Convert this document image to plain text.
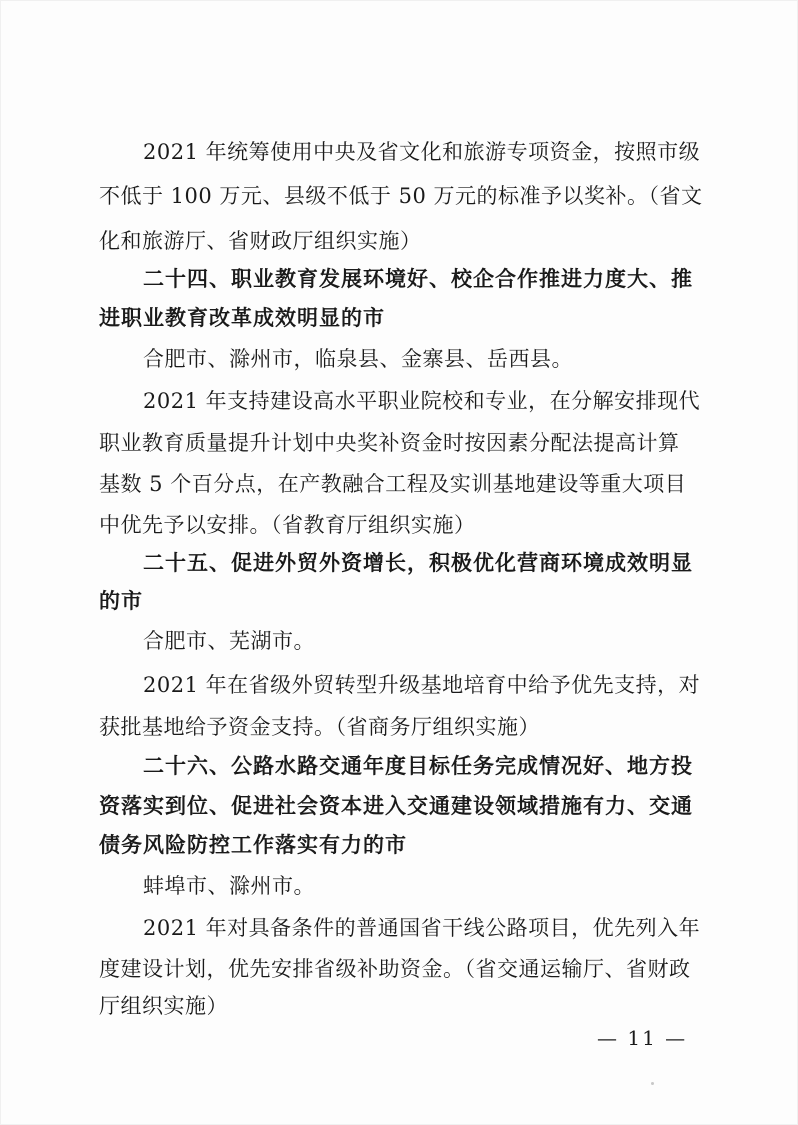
2021 年统筹使用中央及省文化和旅游专项资金，按照市级
不低于 100 万元、县级不低于 50 万元的标准予以奖补。（省文
化和旅游厅、省财政厅组织实施）
二十四、职业教育发展环境好、校企合作推进力度大、推
进职业教育改革成效明显的市
合肥市、滁州市，临泉县、金寨县、岳西县。
2021 年支持建设高水平职业院校和专业，在分解安排现代
职业教育质量提升计划中央奖补资金时按因素分配法提高计算
基数 5 个百分点，在产教融合工程及实训基地建设等重大项目
中优先予以安排。（省教育厅组织实施）
二十五、促进外贸外资增长，积极优化营商环境成效明显
的市
合肥市、芜湖市。
2021 年在省级外贸转型升级基地培育中给予优先支持，对
获批基地给予资金支持。（省商务厅组织实施）
二十六、公路水路交通年度目标任务完成情况好、地方投
资落实到位、促进社会资本进入交通建设领域措施有力、交通
债务风险防控工作落实有力的市
蚌埠市、滁州市。
2021 年对具备条件的普通国省干线公路项目，优先列入年
度建设计划，优先安排省级补助资金。（省交通运输厅、省财政
厅组织实施）
— 11 —
